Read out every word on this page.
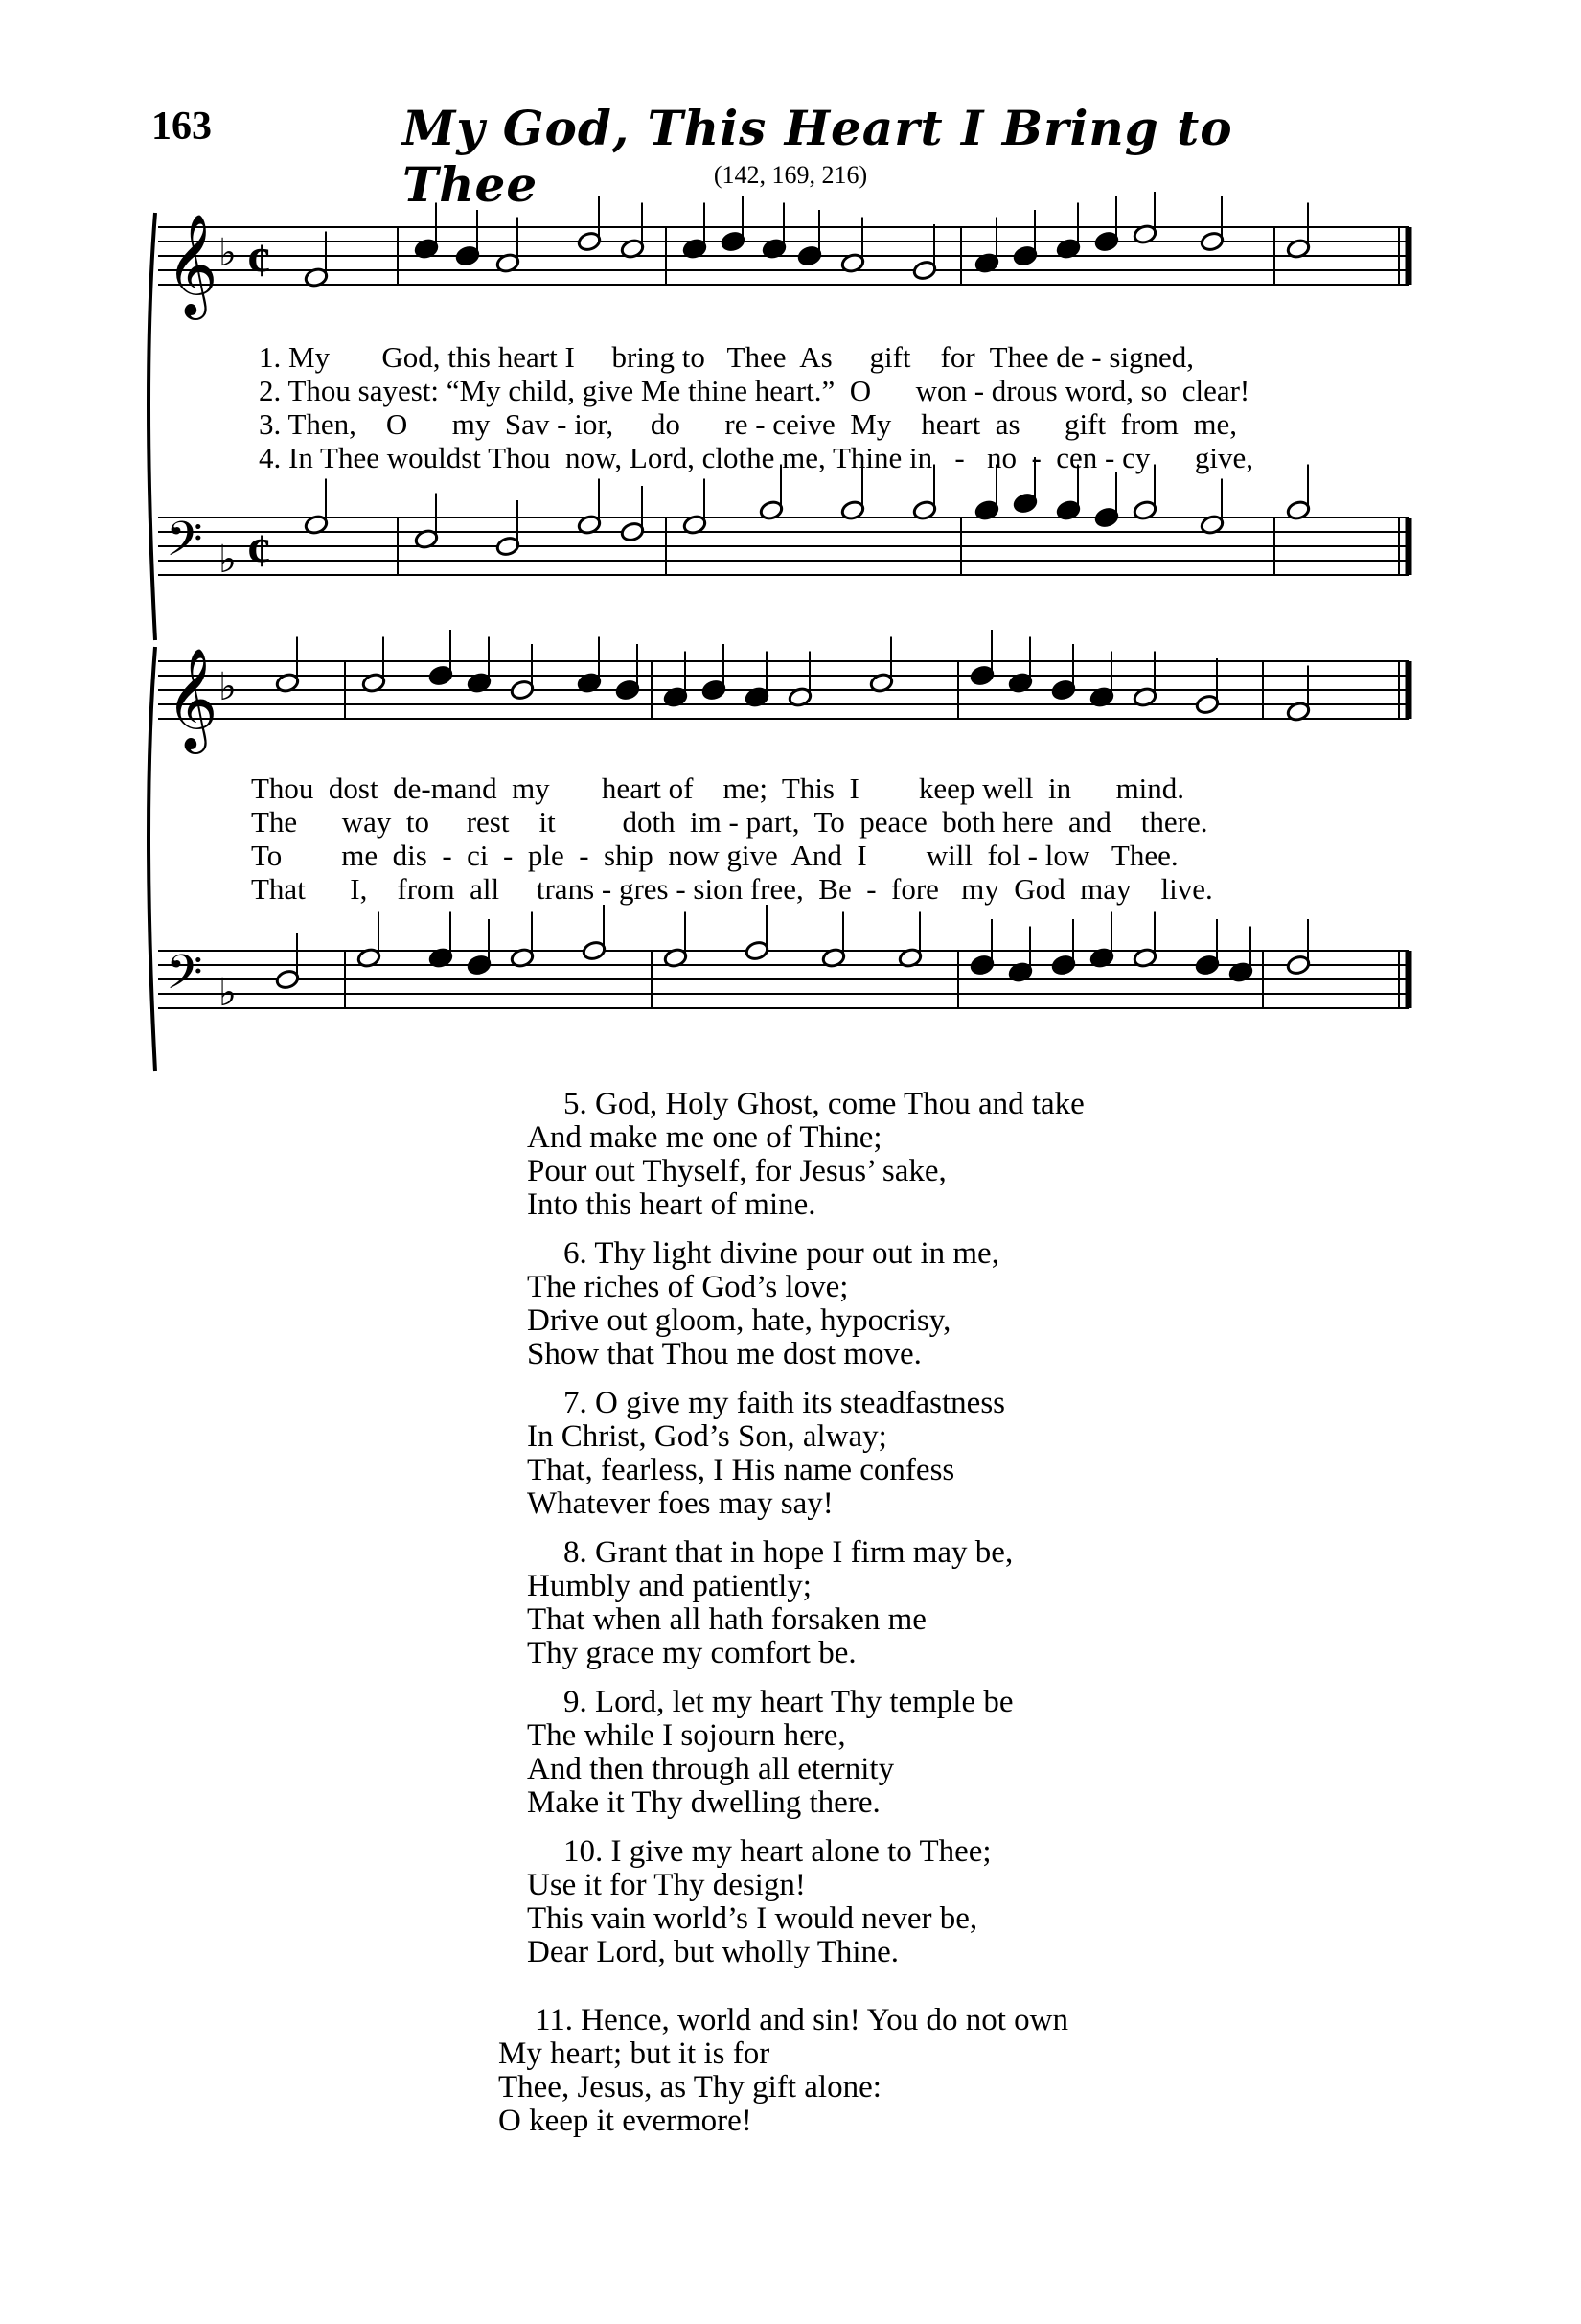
163	My God, This Heart I Bring to Thee	(142, 169, 216)
𝄞 ♭ ¢
𝄢 ♭ ¢
1. My       God, this heart I     bring to   Thee  As     gift    for  Thee de - signed,
2. Thou sayest: “My child, give Me thine heart.”  O      won - drous word, so  clear!
3. Then,    O      my  Sav - ior,     do      re - ceive  My    heart  as      gift  from  me,
4. In Thee wouldst Thou  now, Lord, clothe me, Thine in   -   no  -  cen - cy      give,
𝄞 ♭
𝄢 ♭
Thou  dost  de-mand  my       heart of    me;  This  I        keep well  in      mind.
The      way  to     rest    it         doth  im - part,  To  peace  both here  and    there.
To        me  dis  -  ci  -  ple  -  ship  now give  And  I        will  fol - low   Thee.
That      I,    from  all     trans - gres - sion free,  Be  -  fore   my  God  may    live.
5. God, Holy Ghost, come Thou and take
And make me one of Thine;
Pour out Thyself, for Jesus’ sake,
Into this heart of mine.
6. Thy light divine pour out in me,
The riches of God’s love;
Drive out gloom, hate, hypocrisy,
Show that Thou me dost move.
7. O give my faith its steadfastness
In Christ, God’s Son, alway;
That, fearless, I His name confess
Whatever foes may say!
8. Grant that in hope I firm may be,
Humbly and patiently;
That when all hath forsaken me
Thy grace my comfort be.
9. Lord, let my heart Thy temple be
The while I sojourn here,
And then through all eternity
Make it Thy dwelling there.
10. I give my heart alone to Thee;
Use it for Thy design!
This vain world’s I would never be,
Dear Lord, but wholly Thine.
11. Hence, world and sin! You do not own
My heart; but it is for
Thee, Jesus, as Thy gift alone:
O keep it evermore!
